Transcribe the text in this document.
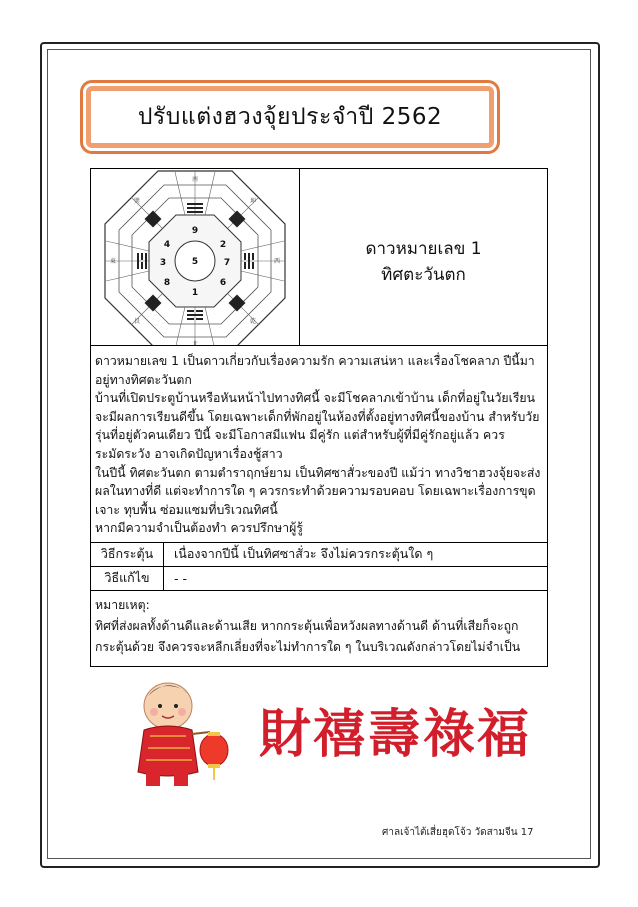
ปรับแต่งฮวงจุ้ยประจำปี 2562
5
4
9
2
3	7
8
1
6
南
北
東	西
巽	坤
艮	乾
ดาวหมายเลข 1
ทิศตะวันตก

ดาวหมายเลข 1 เป็นดาวเกี่ยวกับเรื่องความรัก ความเสน่หา และเรื่องโชคลาภ ปีนี้มาอยู่ทางทิศตะวันตก

บ้านที่เปิดประตูบ้านหรือหันหน้าไปทางทิศนี้ จะมีโชคลาภเข้าบ้าน เด็กที่อยู่ในวัยเรียน จะมีผลการเรียนดีขึ้น โดยเฉพาะเด็กที่พักอยู่ในห้องที่ตั้งอยู่ทางทิศนี้ของบ้าน สำหรับวัยรุ่นที่อยู่ตัวคนเดียว ปีนี้ จะมีโอกาสมีแฟน มีคู่รัก แต่สำหรับผู้ที่มีคู่รักอยู่แล้ว ควรระมัดระวัง อาจเกิดปัญหาเรื่องชู้สาว

ในปีนี้ ทิศตะวันตก ตามตำราฤกษ์ยาม เป็นทิศซาสั่วะของปี แม้ว่า ทางวิชาฮวงจุ้ยจะส่งผลในทางที่ดี แต่จะทำการใด ๆ ควรกระทำด้วยความรอบคอบ โดยเฉพาะเรื่องการขุดเจาะ ทุบพื้น ซ่อมแซมที่บริเวณทิศนี้

หากมีความจำเป็นต้องทำ ควรปรึกษาผู้รู้

วิธีกระตุ้น	เนื่องจากปีนี้ เป็นทิศซาสั่วะ จึงไม่ควรกระตุ้นใด ๆ
วิธีแก้ไข	- -

หมายเหตุ:

ทิศที่ส่งผลทั้งด้านดีและด้านเสีย หากกระตุ้นเพื่อหวังผลทางด้านดี ด้านที่เสียก็จะถูกกระตุ้นด้วย จึงควรจะหลีกเลี่ยงที่จะไม่ทำการใด ๆ ในบริเวณดังกล่าวโดยไม่จำเป็น

財 禧 壽 祿 福
ศาลเจ้าไต้เสี่ยฮุดโจ้ว วัดสามจีน 17
